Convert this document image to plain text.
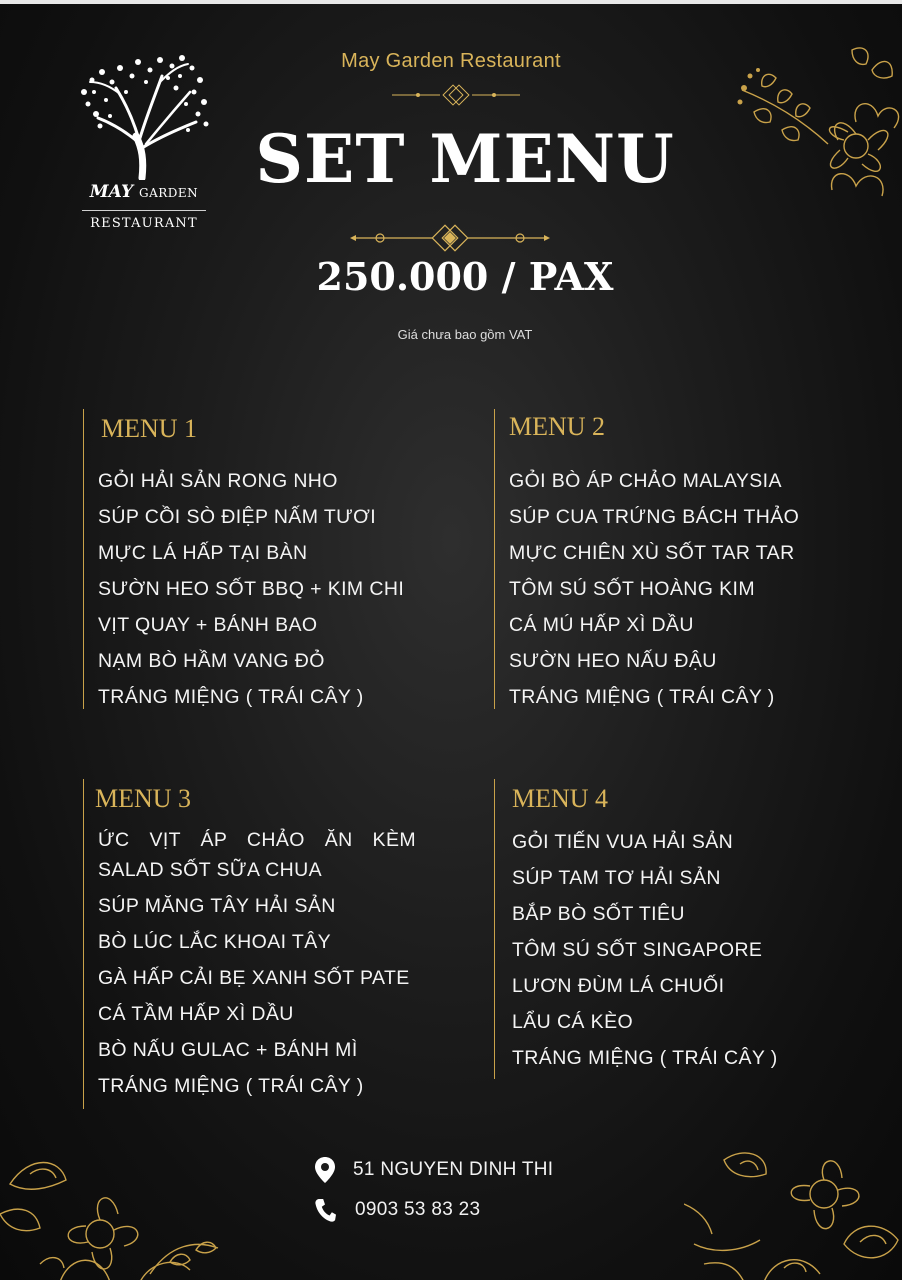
MAY GARDEN
RESTAURANT
May Garden Restaurant
SET MENU
250.000 / PAX
Giá chưa bao gồm VAT
MENU 1
GỎI HẢI SẢN RONG NHO
SÚP CỒI SÒ ĐIỆP NẤM TƯƠI
MỰC LÁ HẤP TẠI BÀN
SƯỜN HEO SỐT BBQ + KIM CHI
VỊT QUAY + BÁNH BAO
NẠM BÒ HẦM VANG ĐỎ
TRÁNG MIỆNG ( TRÁI CÂY )
MENU 2
GỎI BÒ ÁP CHẢO MALAYSIA
SÚP CUA TRỨNG BÁCH THẢO
MỰC CHIÊN XÙ SỐT TAR TAR
TÔM SÚ SỐT HOÀNG KIM
CÁ MÚ HẤP XÌ DẦU
SƯỜN HEO NẤU ĐẬU
TRÁNG MIỆNG ( TRÁI CÂY )
MENU 3
ỨC VỊT ÁP CHẢO ĂN KÈM SALAD SỐT SỮA CHUA
SÚP MĂNG TÂY HẢI SẢN
BÒ LÚC LẮC KHOAI TÂY
GÀ HẤP CẢI BẸ XANH SỐT PATE
CÁ TẦM HẤP XÌ DẦU
BÒ NẤU GULAC + BÁNH MÌ
TRÁNG MIỆNG ( TRÁI CÂY )
MENU 4
GỎI TIẾN VUA HẢI SẢN
SÚP TAM TƠ HẢI SẢN
BẮP BÒ SỐT TIÊU
TÔM SÚ SỐT SINGAPORE
LƯƠN ĐÙM LÁ CHUỐI
LẨU CÁ KÈO
TRÁNG MIỆNG ( TRÁI CÂY )
51 NGUYEN DINH THI
0903 53 83 23
